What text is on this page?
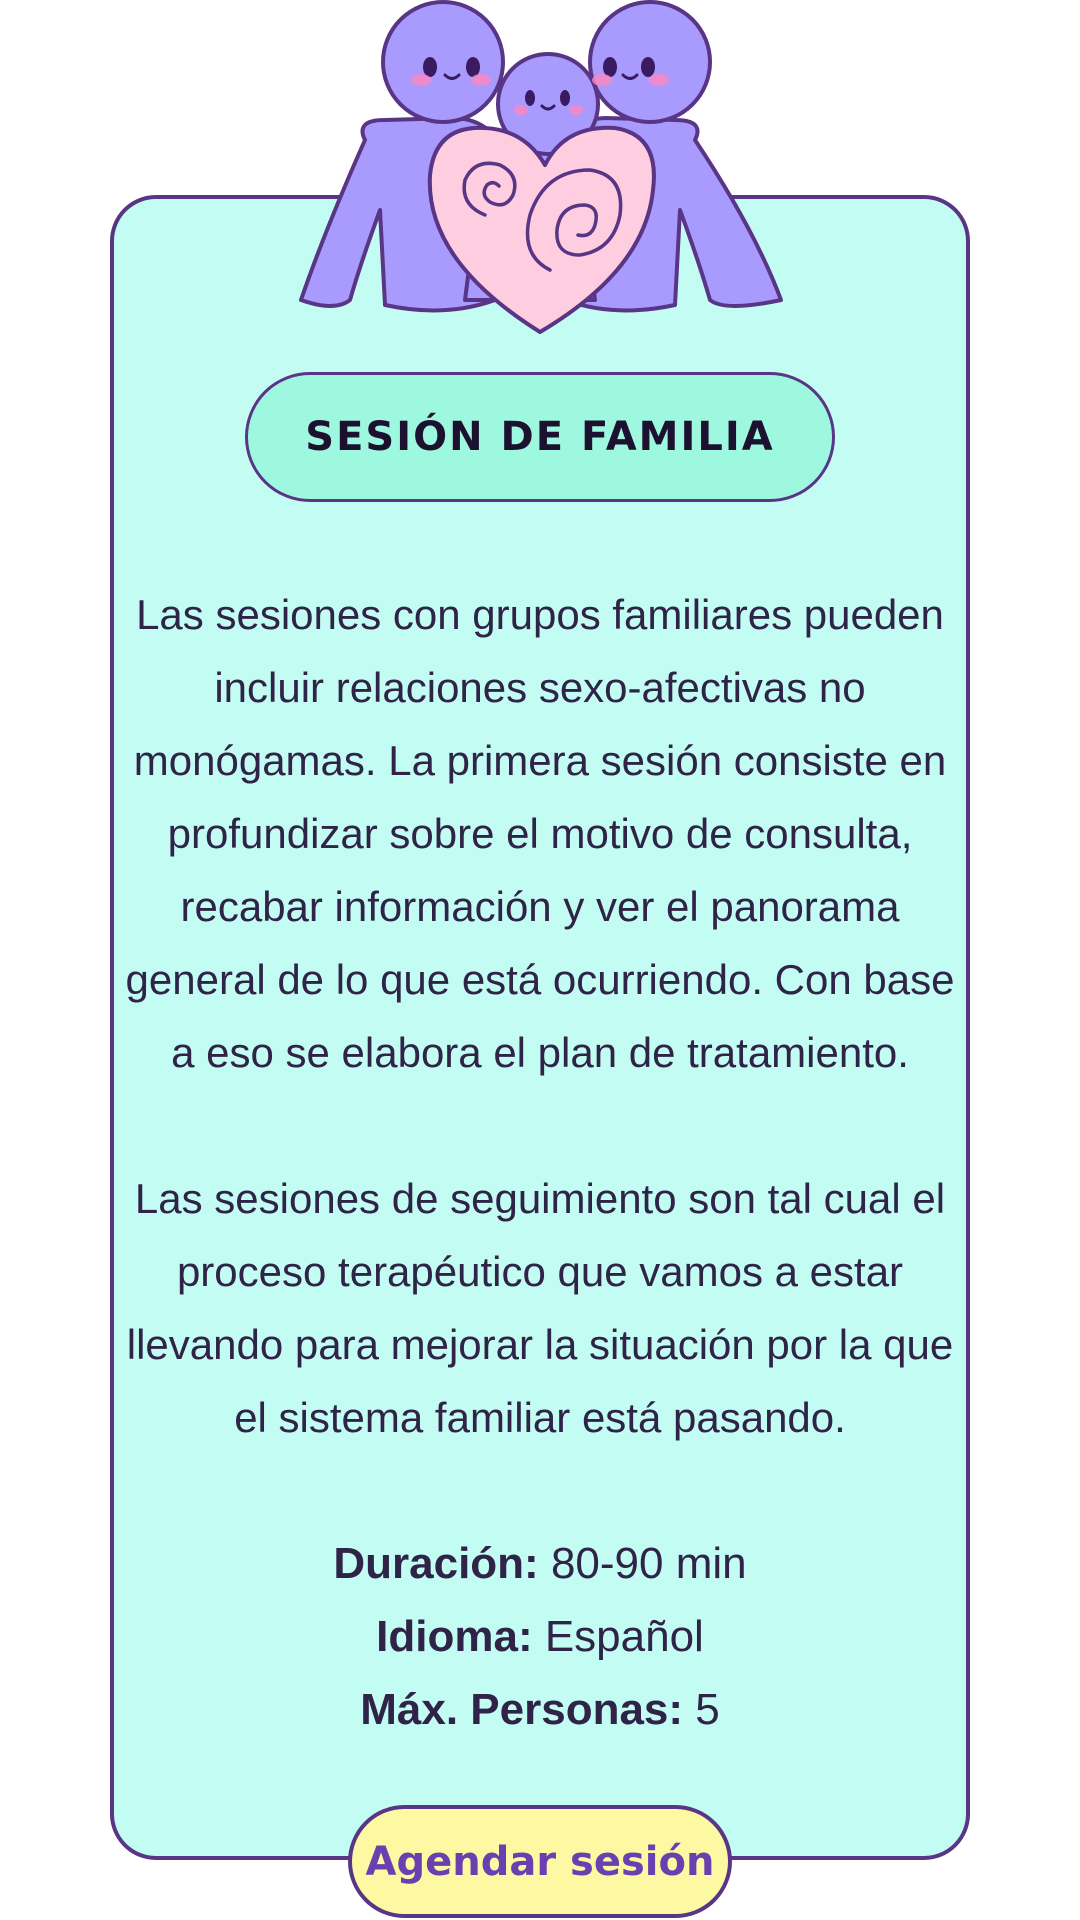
SESIÓN DE FAMILIA
Las sesiones con grupos familiares pueden incluir relaciones sexo-afectivas no monógamas. La primera sesión consiste en profundizar sobre el motivo de consulta, recabar información y ver el panorama general de lo que está ocurriendo. Con base a eso se elabora el plan de tratamiento.
Las sesiones de seguimiento son tal cual el proceso terapéutico que vamos a estar llevando para mejorar la situación por la que el sistema familiar está pasando.
Duración: 80-90 min
Idioma: Español
Máx. Personas: 5
Agendar sesión
